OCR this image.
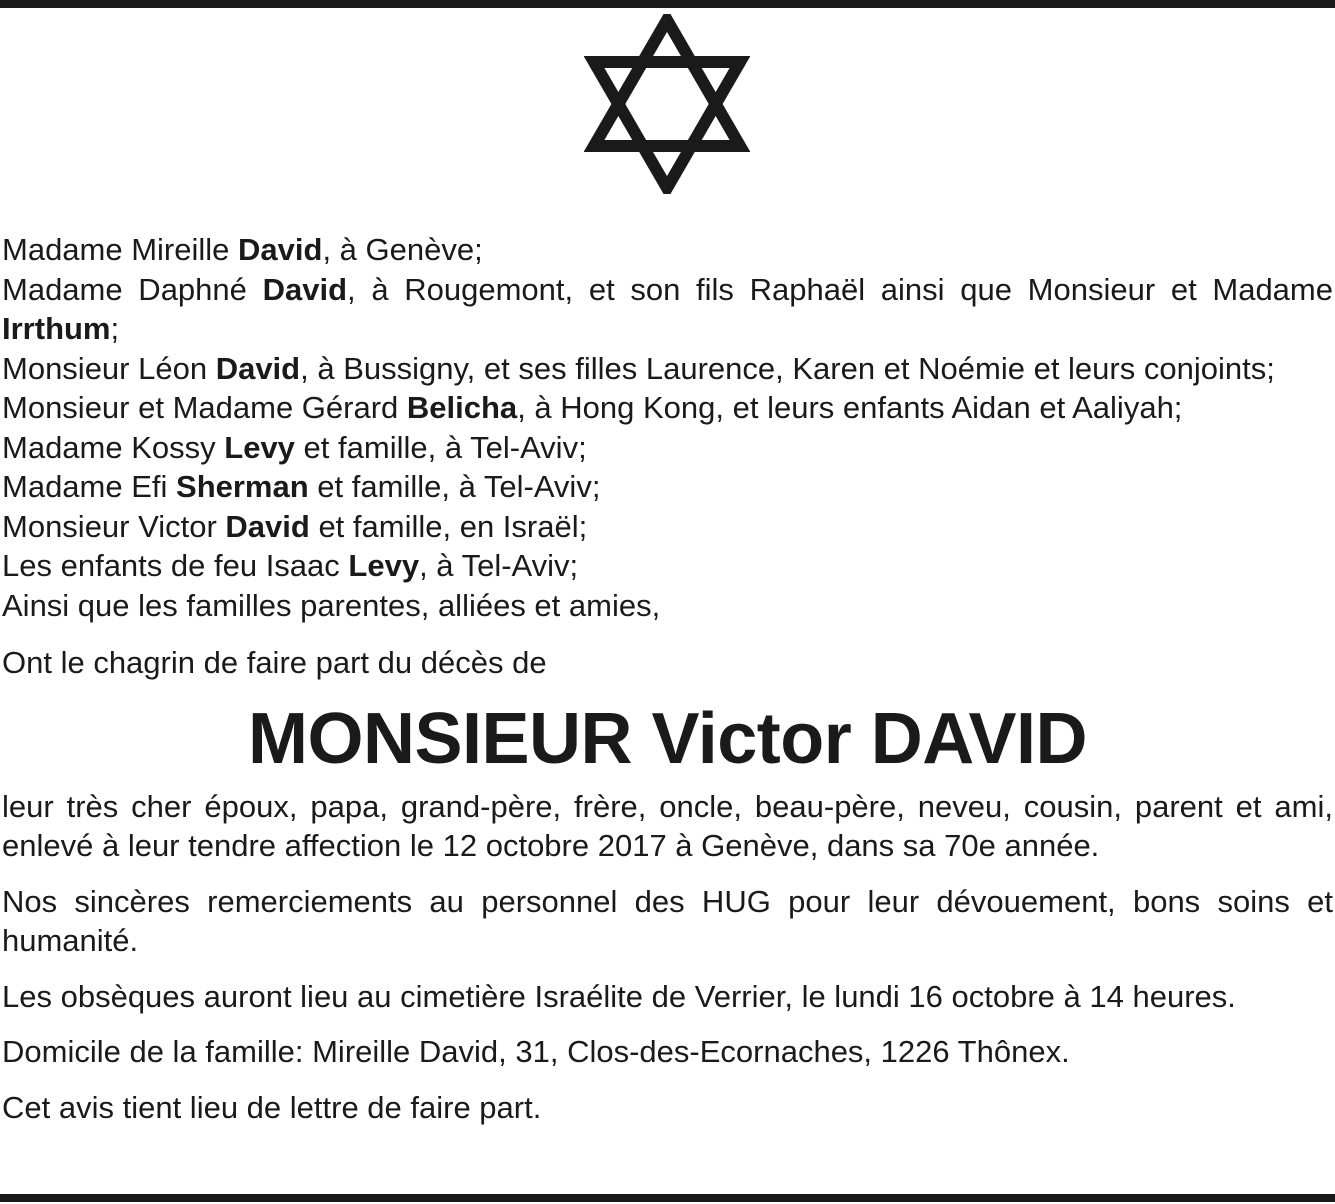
Madame Mireille David, à Genève;

Madame Daphné David, à Rougemont, et son fils Raphaël ainsi que Monsieur et Madame Irrthum;

Monsieur Léon David, à Bussigny, et ses filles Laurence, Karen et Noémie et leurs conjoints;

Monsieur et Madame Gérard Belicha, à Hong Kong, et leurs enfants Aidan et Aaliyah;

Madame Kossy Levy et famille, à Tel-Aviv;

Madame Efi Sherman et famille, à Tel-Aviv;

Monsieur Victor David et famille, en Israël;

Les enfants de feu Isaac Levy, à Tel-Aviv;

Ainsi que les familles parentes, alliées et amies,

Ont le chagrin de faire part du décès de

MONSIEUR Victor DAVID

leur très cher époux, papa, grand-père, frère, oncle, beau-père, neveu, cousin, parent et ami, enlevé à leur tendre affection le 12 octobre 2017 à Genève, dans sa 70e année.

Nos sincères remerciements au personnel des HUG pour leur dévouement, bons soins et humanité.

Les obsèques auront lieu au cimetière Israélite de Verrier, le lundi 16 octobre à 14 heures.

Domicile de la famille: Mireille David, 31, Clos-des-Ecornaches, 1226 Thônex.

Cet avis tient lieu de lettre de faire part.
